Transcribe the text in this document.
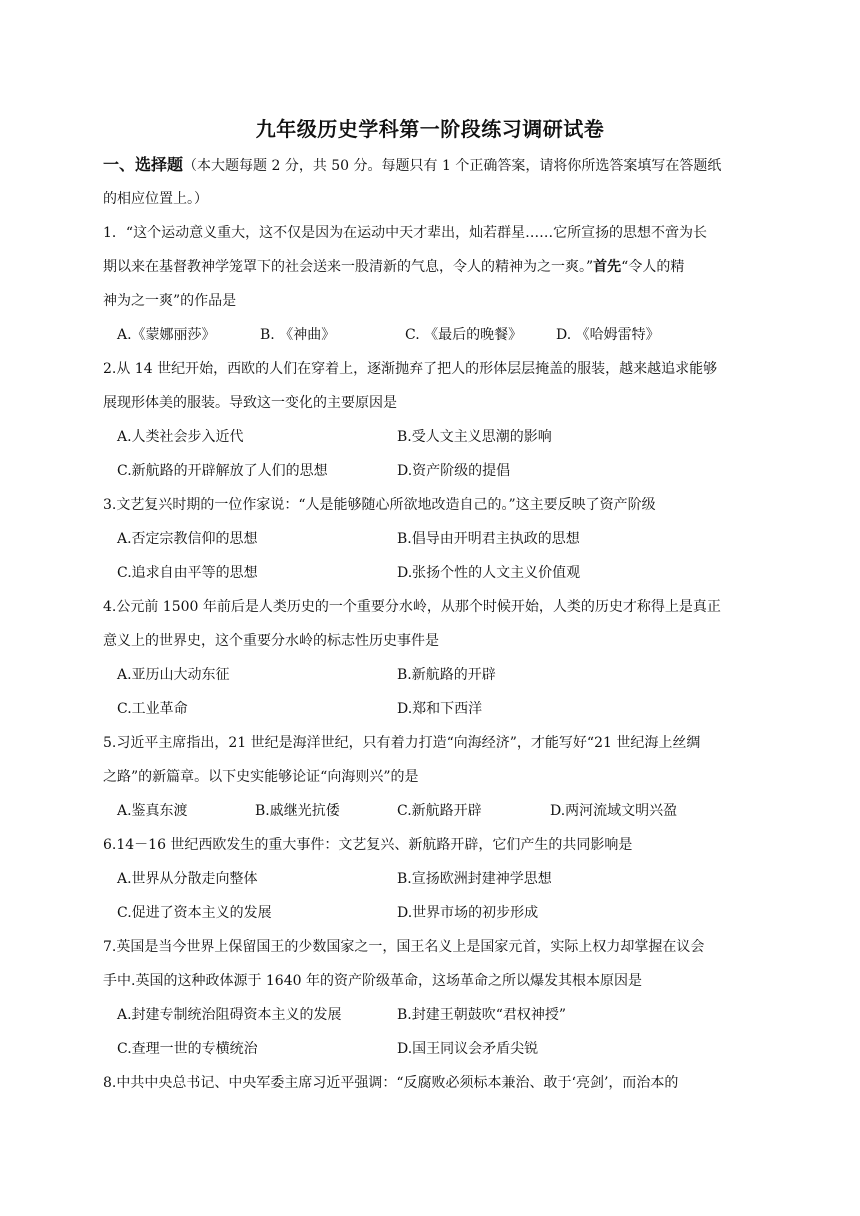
九年级历史学科第一阶段练习调研试卷
一、选择题（本大题每题 2 分，共 50 分。每题只有 1 个正确答案，请将你所选答案填写在答题纸
的相应位置上。）
1．“这个运动意义重大，这不仅是因为在运动中天才辈出，灿若群星……它所宣扬的思想不啻为长
期以来在基督教神学笼罩下的社会送来一股清新的气息，令人的精神为之一爽。”首先“令人的精
神为之一爽”的作品是
A.《蒙娜丽莎》	B. 《神曲》	C. 《最后的晚餐》 D. 《哈姆雷特》
2.从 14 世纪开始，西欧的人们在穿着上，逐渐抛弃了把人的形体层层掩盖的服装，越来越追求能够
展现形体美的服装。导致这一变化的主要原因是
A.人类社会步入近代	B.受人文主义思潮的影响
C.新航路的开辟解放了人们的思想	D.资产阶级的提倡
3.文艺复兴时期的一位作家说：“人是能够随心所欲地改造自己的。”这主要反映了资产阶级
A.否定宗教信仰的思想	B.倡导由开明君主执政的思想
C.追求自由平等的思想	D.张扬个性的人文主义价值观
4.公元前 1500 年前后是人类历史的一个重要分水岭，从那个时候开始，人类的历史才称得上是真正
意义上的世界史，这个重要分水岭的标志性历史事件是
A.亚历山大动东征	B.新航路的开辟
C.工业革命	D.郑和下西洋
5.习近平主席指出，21 世纪是海洋世纪，只有着力打造“向海经济”，才能写好“21 世纪海上丝绸
之路”的新篇章。以下史实能够论证“向海则兴”的是
A.鉴真东渡	B.戚继光抗倭	C.新航路开辟	D.两河流域文明兴盈
6.14－16 世纪西欧发生的重大事件：文艺复兴、新航路开辟，它们产生的共同影响是
A.世界从分散走向整体	B.宣扬欧洲封建神学思想
C.促进了资本主义的发展	D.世界市场的初步形成
7.英国是当今世界上保留国王的少数国家之一，国王名义上是国家元首，实际上权力却掌握在议会
手中.英国的这种政体源于 1640 年的资产阶级革命，这场革命之所以爆发其根本原因是
A.封建专制统治阻碍资本主义的发展	B.封建王朝鼓吹“君权神授”
C.查理一世的专横统治	D.国王同议会矛盾尖锐
8.中共中央总书记、中央军委主席习近平强调：“反腐败必须标本兼治、敢于‘亮剑’，而治本的
